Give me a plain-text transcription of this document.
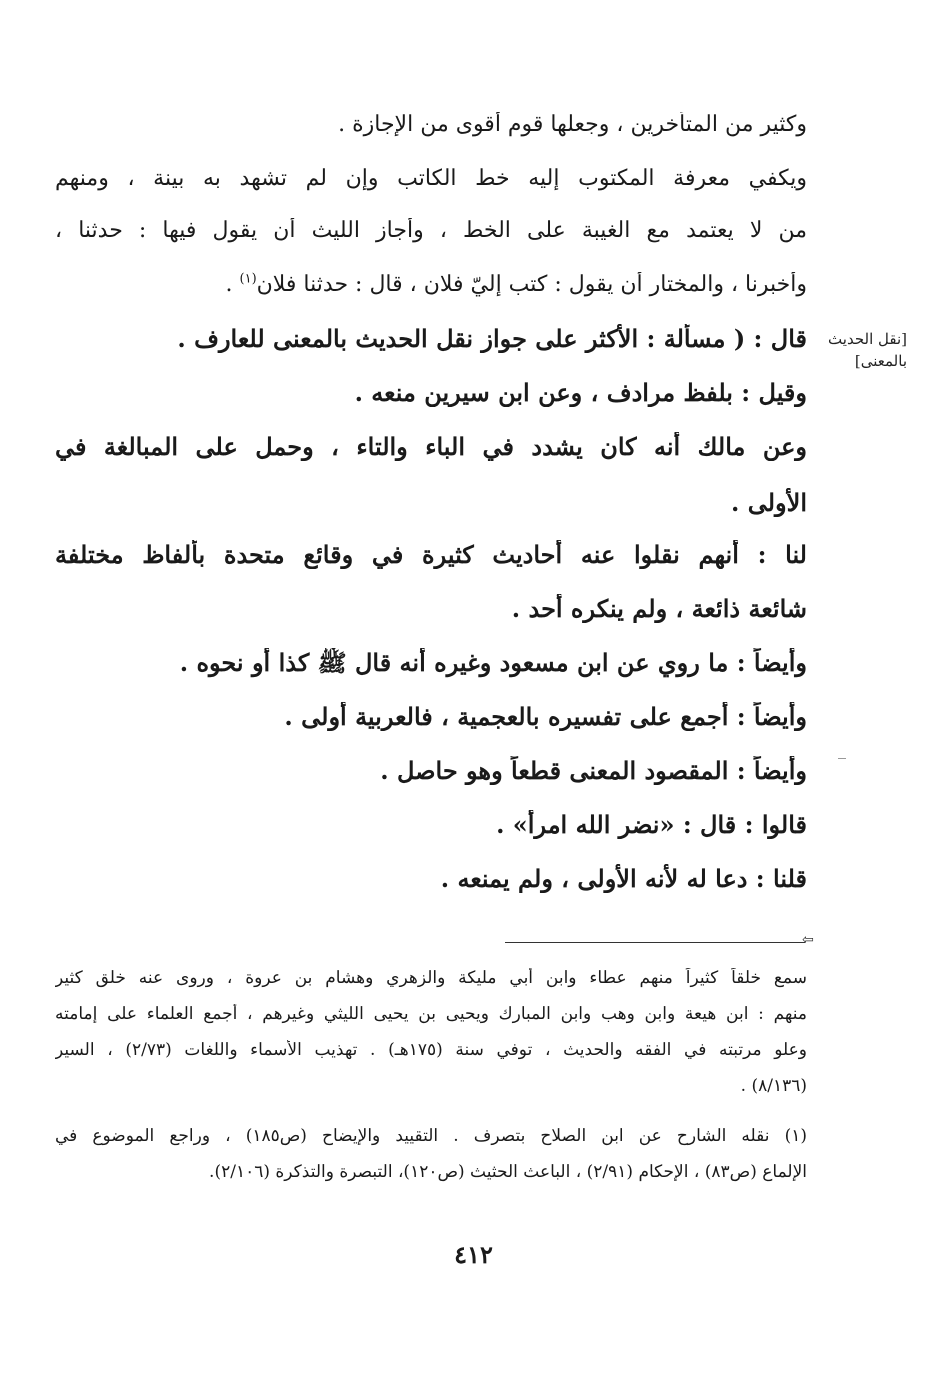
[نقل الحديث
بالمعنى]
وكثير من المتأخرين ، وجعلها قوم أقوى من الإجازة .
ويكفي معرفة المكتوب إليه خط الكاتب وإن لم تشهد به بينة ، ومنهم
من لا يعتمد مع الغيبة على الخط ، وأجاز الليث أن يقول فيها : حدثنا ،
وأخبرنا ، والمختار أن يقول : كتب إليّ فلان ، قال : حدثنا فلان$^{(١)}$ .
قال : ( مسألة : الأكثر على جواز نقل الحديث بالمعنى للعارف .
وقيل : بلفظ مرادف ، وعن ابن سيرين منعه .
وعن مالك أنه كان يشدد في الباء والتاء ، وحمل على المبالغة في
الأولى .
لنا : أنهم نقلوا عنه أحاديث كثيرة في وقائع متحدة بألفاظ مختلفة
شائعة ذائعة ، ولم ينكره أحد .
وأيضاً : ما روي عن ابن مسعود وغيره أنه قال ﷺ كذا أو نحوه .
وأيضاً : أجمع على تفسيره بالعجمية ، فالعربية أولى .
وأيضاً : المقصود المعنى قطعاً وهو حاصل .
قالوا : قال : «نضر الله امرأً» .
قلنا : دعا له لأنه الأولى ، ولم يمنعه .
⇦
سمع خلقاً كثيراً منهم عطاء وابن أبي مليكة والزهري وهشام بن عروة ، وروى عنه خلق كثير
منهم : ابن هيعة وابن وهب وابن المبارك ويحيى بن يحيى الليثي وغيرهم ، أجمع العلماء على إمامته
وعلو مرتبته في الفقه والحديث ، توفي سنة (١٧٥هـ) . تهذيب الأسماء واللغات (٢/٧٣) ، السير
(٨/١٣٦) .
(١) نقله الشارح عن ابن الصلاح بتصرف . التقييد والإيضاح (ص١٨٥) ، وراجع الموضوع في
الإلماع (ص٨٣) ، الإحكام (٢/٩١) ، الباعث الحثيث (ص١٢٠)، التبصرة والتذكرة (٢/١٠٦).
٤١٢
